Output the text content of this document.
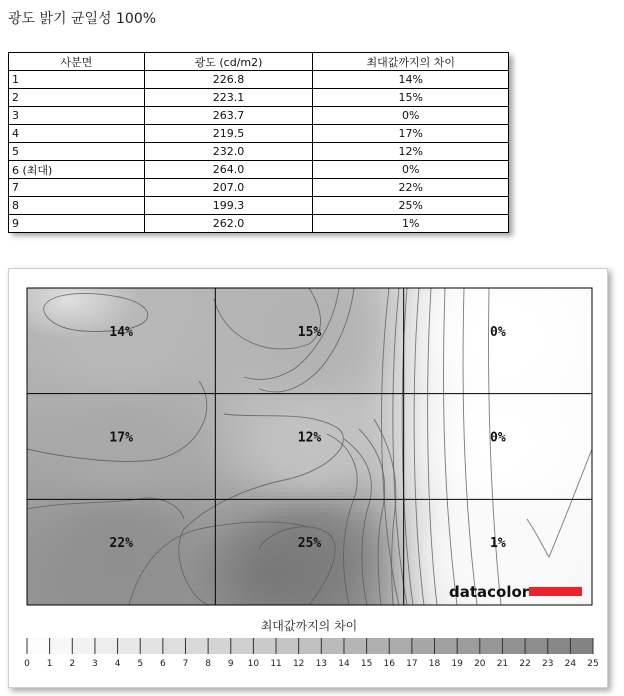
광도 밝기 균일성 100%
사분면	광도 (cd/m2)	최대값까지의 차이
1	226.8	14%
2	223.1	15%
3	263.7	0%
4	219.5	17%
5	232.0	12%
6 (최대)	264.0	0%
7	207.0	22%
8	199.3	25%
9	262.0	1%
14%	15%	0%
17%	12%	0%
22%	25%	1%
datacolor
최대값까지의 차이
0 1 2 3 4 5 6 7 8 9 10 11 12 13 14 15 16 17 18 19 20 21 22 23 24 25
